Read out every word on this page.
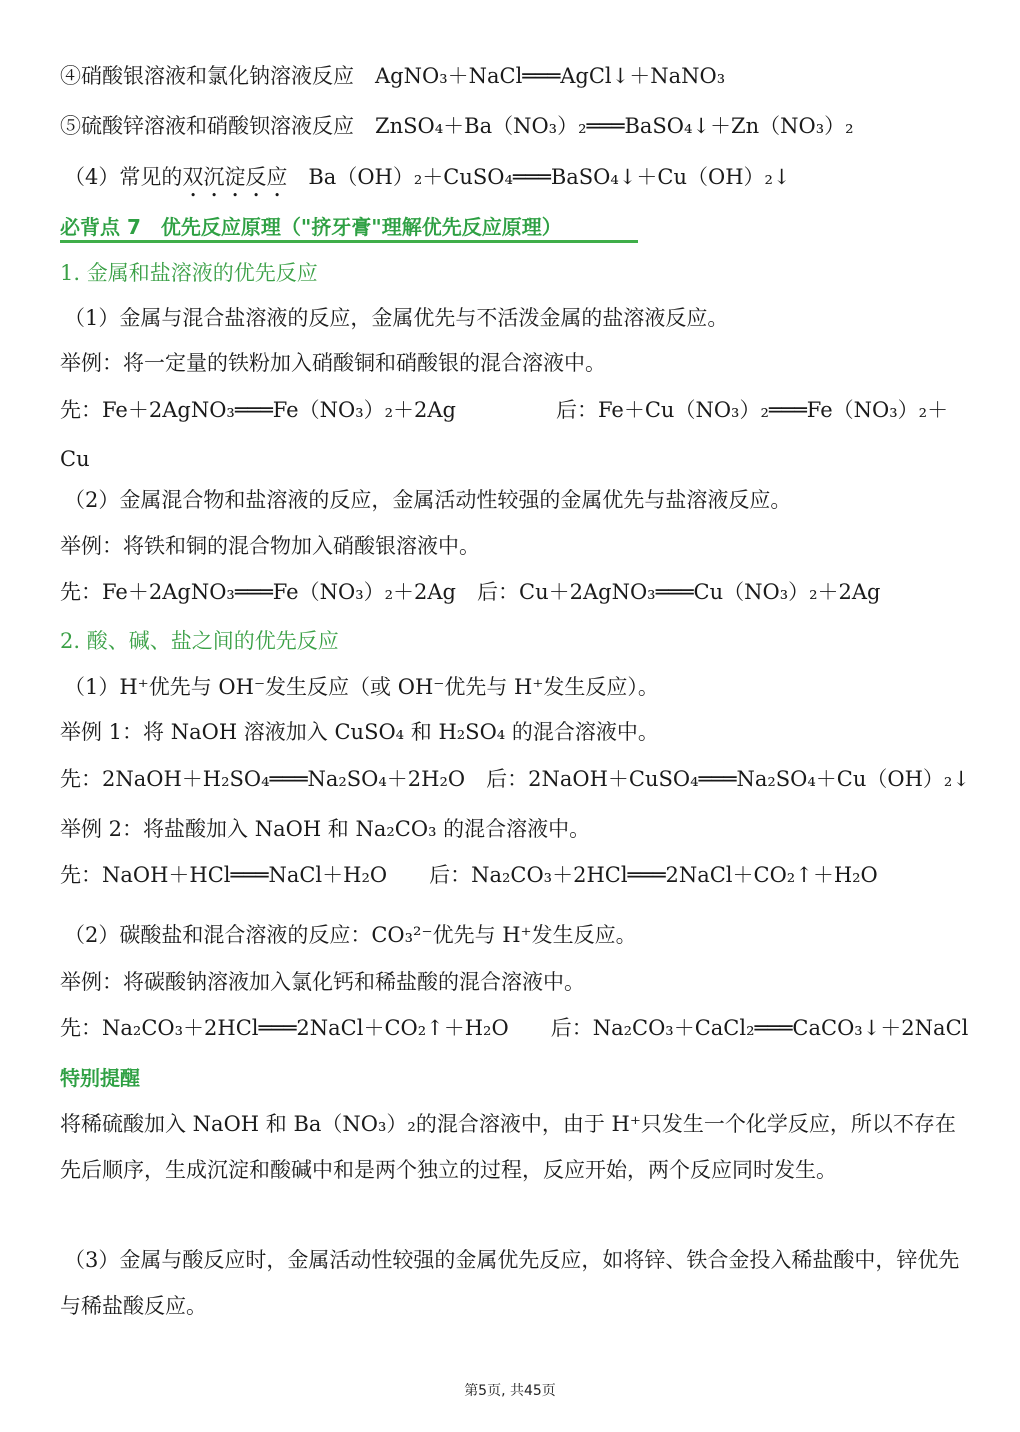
④硝酸银溶液和氯化钠溶液反应　AgNO₃＋NaCl═══AgCl↓＋NaNO₃
⑤硫酸锌溶液和硝酸钡溶液反应　ZnSO₄＋Ba（NO₃）₂═══BaSO₄↓＋Zn（NO₃）₂
（4）常见的双沉淀反应　Ba（OH）₂＋CuSO₄═══BaSO₄↓＋Cu（OH）₂↓
必背点 7　优先反应原理（"挤牙膏"理解优先反应原理）
1. 金属和盐溶液的优先反应
（1）金属与混合盐溶液的反应，金属优先与不活泼金属的盐溶液反应。
举例：将一定量的铁粉加入硝酸铜和硝酸银的混合溶液中。
先：Fe＋2AgNO₃═══Fe（NO₃）₂＋2Ag	后：Fe＋Cu（NO₃）₂═══Fe（NO₃）₂＋
Cu
（2）金属混合物和盐溶液的反应，金属活动性较强的金属优先与盐溶液反应。
举例：将铁和铜的混合物加入硝酸银溶液中。
先：Fe＋2AgNO₃═══Fe（NO₃）₂＋2Ag　后：Cu＋2AgNO₃═══Cu（NO₃）₂＋2Ag
2. 酸、碱、盐之间的优先反应
（1）H⁺优先与 OH⁻发生反应（或 OH⁻优先与 H⁺发生反应）。
举例 1：将 NaOH 溶液加入 CuSO₄ 和 H₂SO₄ 的混合溶液中。
先：2NaOH＋H₂SO₄═══Na₂SO₄＋2H₂O　后：2NaOH＋CuSO₄═══Na₂SO₄＋Cu（OH）₂↓
举例 2：将盐酸加入 NaOH 和 Na₂CO₃ 的混合溶液中。
先：NaOH＋HCl═══NaCl＋H₂O　　后：Na₂CO₃＋2HCl═══2NaCl＋CO₂↑＋H₂O
（2）碳酸盐和混合溶液的反应：CO₃²⁻优先与 H⁺发生反应。
举例：将碳酸钠溶液加入氯化钙和稀盐酸的混合溶液中。
先：Na₂CO₃＋2HCl═══2NaCl＋CO₂↑＋H₂O　　后：Na₂CO₃＋CaCl₂═══CaCO₃↓＋2NaCl
特别提醒
将稀硫酸加入 NaOH 和 Ba（NO₃）₂的混合溶液中，由于 H⁺只发生一个化学反应，所以不存在先后顺序，生成沉淀和酸碱中和是两个独立的过程，反应开始，两个反应同时发生。
（3）金属与酸反应时，金属活动性较强的金属优先反应，如将锌、铁合金投入稀盐酸中，锌优先与稀盐酸反应。
第5页, 共45页
